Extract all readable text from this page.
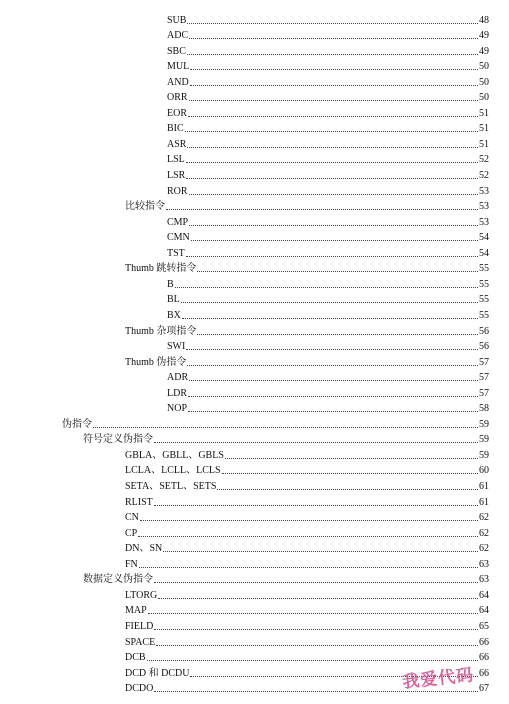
SUB	48
ADC	49
SBC	49
MUL	50
AND	50
ORR	50
EOR	51
BIC	51
ASR	51
LSL	52
LSR	52
ROR	53
比较指令	53
CMP	53
CMN	54
TST	54
Thumb 跳转指令	55
B	55
BL	55
BX	55
Thumb 杂项指令	56
SWI	56
Thumb 伪指令	57
ADR	57
LDR	57
NOP	58
伪指令	59
符号定义伪指令	59
GBLA、GBLL、GBLS	59
LCLA、LCLL、LCLS	60
SETA、SETL、SETS	61
RLIST	61
CN	62
CP	62
DN、SN	62
FN	63
数据定义伪指令	63
LTORG	64
MAP	64
FIELD	65
SPACE	66
DCB	66
DCD 和 DCDU	66
DCDO	67
我爱代码
